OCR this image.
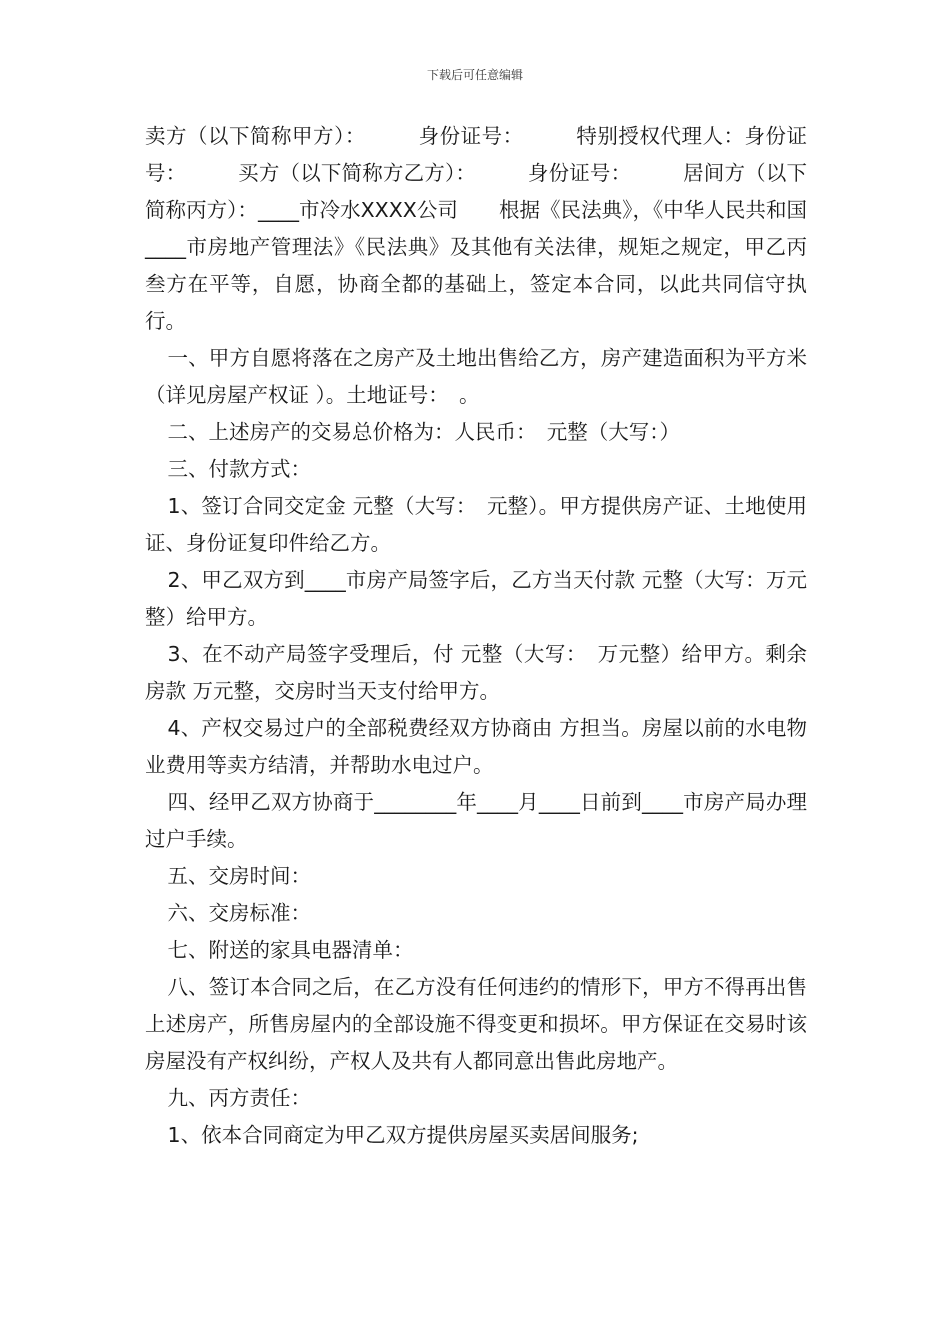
下载后可任意编辑

卖方（以下简称甲方）：　　　身份证号：　　　特别授权代理人：身份证号：　　　买方（以下简称方乙方）：　　　身份证号：　　　居间方（以下简称丙方）：____市冷水XXXX公司　　根据《民法典》，《中华人民共和国____市房地产管理法》《民法典》及其他有关法律，规矩之规定，甲乙丙叁方在平等，自愿，协商全都的基础上，签定本合同，以此共同信守执行。

一、甲方自愿将落在之房产及土地出售给乙方，房产建造面积为平方米（详见房屋产权证 ）。土地证号：　。

二、上述房产的交易总价格为：人民币：　元整（大写：）

三、付款方式：

1、签订合同交定金 元整（大写：　元整）。甲方提供房产证、土地使用证、身份证复印件给乙方。

2、甲乙双方到____市房产局签字后，乙方当天付款 元整（大写：万元整）给甲方。

3、在不动产局签字受理后，付 元整（大写：　万元整）给甲方。剩余房款 万元整，交房时当天支付给甲方。

4、产权交易过户的全部税费经双方协商由 方担当。房屋以前的水电物业费用等卖方结清，并帮助水电过户。

四、经甲乙双方协商于________年____月____日前到____市房产局办理过户手续。

五、交房时间：

六、交房标准：

七、附送的家具电器清单：

八、签订本合同之后，在乙方没有任何违约的情形下，甲方不得再出售上述房产，所售房屋内的全部设施不得变更和损坏。甲方保证在交易时该房屋没有产权纠纷，产权人及共有人都同意出售此房地产。

九、丙方责任：

1、依本合同商定为甲乙双方提供房屋买卖居间服务;
